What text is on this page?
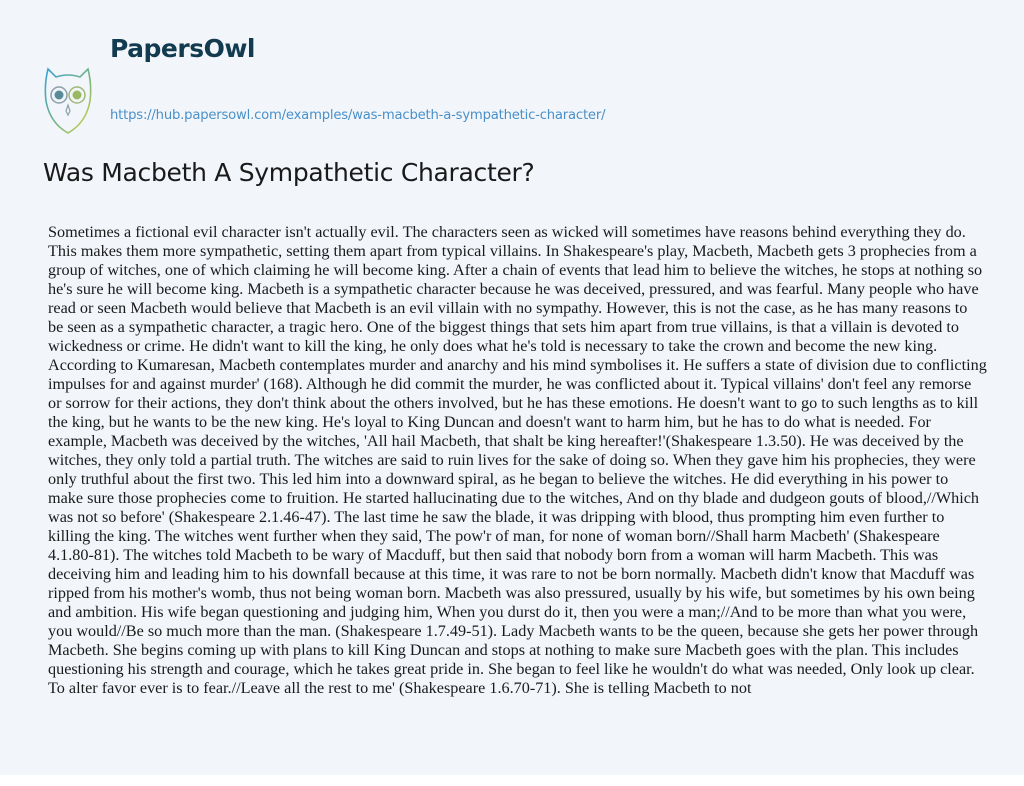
PapersOwl
https://hub.papersowl.com/examples/was-macbeth-a-sympathetic-character/
Was Macbeth A Sympathetic Character?
Sometimes a fictional evil character isn't actually evil. The characters seen as wicked will sometimes have reasons behind everything they do.
This makes them more sympathetic, setting them apart from typical villains. In Shakespeare's play, Macbeth, Macbeth gets 3 prophecies from a
group of witches, one of which claiming he will become king. After a chain of events that lead him to believe the witches, he stops at nothing so
he's sure he will become king. Macbeth is a sympathetic character because he was deceived, pressured, and was fearful. Many people who have
read or seen Macbeth would believe that Macbeth is an evil villain with no sympathy. However, this is not the case, as he has many reasons to
be seen as a sympathetic character, a tragic hero. One of the biggest things that sets him apart from true villains, is that a villain is devoted to
wickedness or crime. He didn't want to kill the king, he only does what he's told is necessary to take the crown and become the new king.
According to Kumaresan, Macbeth contemplates murder and anarchy and his mind symbolises it. He suffers a state of division due to conflicting
impulses for and against murder' (168). Although he did commit the murder, he was conflicted about it. Typical villains' don't feel any remorse
or sorrow for their actions, they don't think about the others involved, but he has these emotions. He doesn't want to go to such lengths as to kill
the king, but he wants to be the new king. He's loyal to King Duncan and doesn't want to harm him, but he has to do what is needed. For
example, Macbeth was deceived by the witches, 'All hail Macbeth, that shalt be king hereafter!'(Shakespeare 1.3.50). He was deceived by the
witches, they only told a partial truth. The witches are said to ruin lives for the sake of doing so. When they gave him his prophecies, they were
only truthful about the first two. This led him into a downward spiral, as he began to believe the witches. He did everything in his power to
make sure those prophecies come to fruition. He started hallucinating due to the witches, And on thy blade and dudgeon gouts of blood,//Which
was not so before' (Shakespeare 2.1.46-47). The last time he saw the blade, it was dripping with blood, thus prompting him even further to
killing the king. The witches went further when they said, The pow'r of man, for none of woman born//Shall harm Macbeth' (Shakespeare
4.1.80-81). The witches told Macbeth to be wary of Macduff, but then said that nobody born from a woman will harm Macbeth. This was
deceiving him and leading him to his downfall because at this time, it was rare to not be born normally. Macbeth didn't know that Macduff was
ripped from his mother's womb, thus not being woman born. Macbeth was also pressured, usually by his wife, but sometimes by his own being
and ambition. His wife began questioning and judging him, When you durst do it, then you were a man;//And to be more than what you were,
you would//Be so much more than the man. (Shakespeare 1.7.49-51). Lady Macbeth wants to be the queen, because she gets her power through
Macbeth. She begins coming up with plans to kill King Duncan and stops at nothing to make sure Macbeth goes with the plan. This includes
questioning his strength and courage, which he takes great pride in. She began to feel like he wouldn't do what was needed, Only look up clear.
To alter favor ever is to fear.//Leave all the rest to me' (Shakespeare 1.6.70-71). She is telling Macbeth to not
